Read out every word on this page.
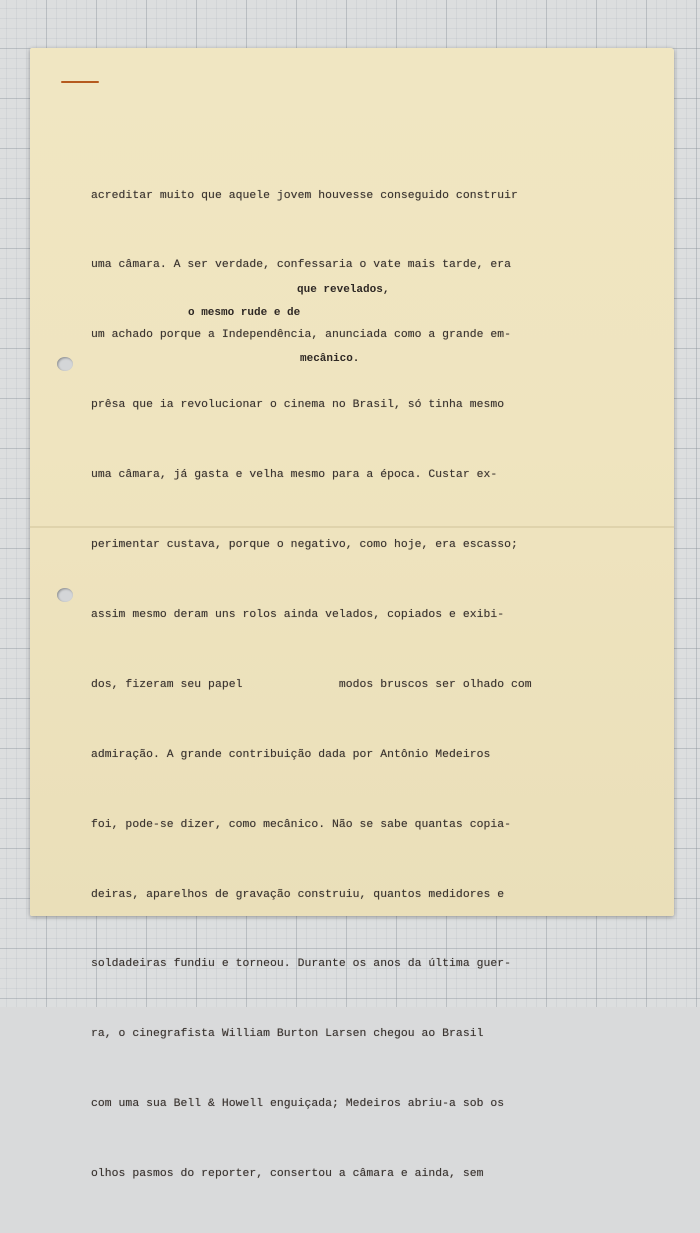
acreditar muito que aquele jovem houvesse conseguido construir

uma câmara. A ser verdade, confessaria o vate mais tarde, era

um achado porque a Independência, anunciada como a grande em-

prêsa que ia revolucionar o cinema no Brasil, só tinha mesmo

uma câmara, já gasta e velha mesmo para a época. Custar ex-

perimentar custava, porque o negativo, como hoje, era escasso;

assim mesmo deram uns rolos ainda velados, copiados e exibi-

dos, fizeram seu papel              modos bruscos ser olhado com

admiração. A grande contribuição dada por Antônio Medeiros

foi, pode-se dizer, como mecânico. Não se sabe quantas copia-

deiras, aparelhos de gravação construiu, quantos medidores e

soldadeiras fundiu e torneou. Durante os anos da última guer-

ra, o cinegrafista William Burton Larsen chegou ao Brasil

com uma sua Bell & Howell enguiçada; Medeiros abriu-a sob os

olhos pasmos do reporter, consertou a câmara e ainda, sem

que revelados,
o mesmo rude e de
mecânico.
